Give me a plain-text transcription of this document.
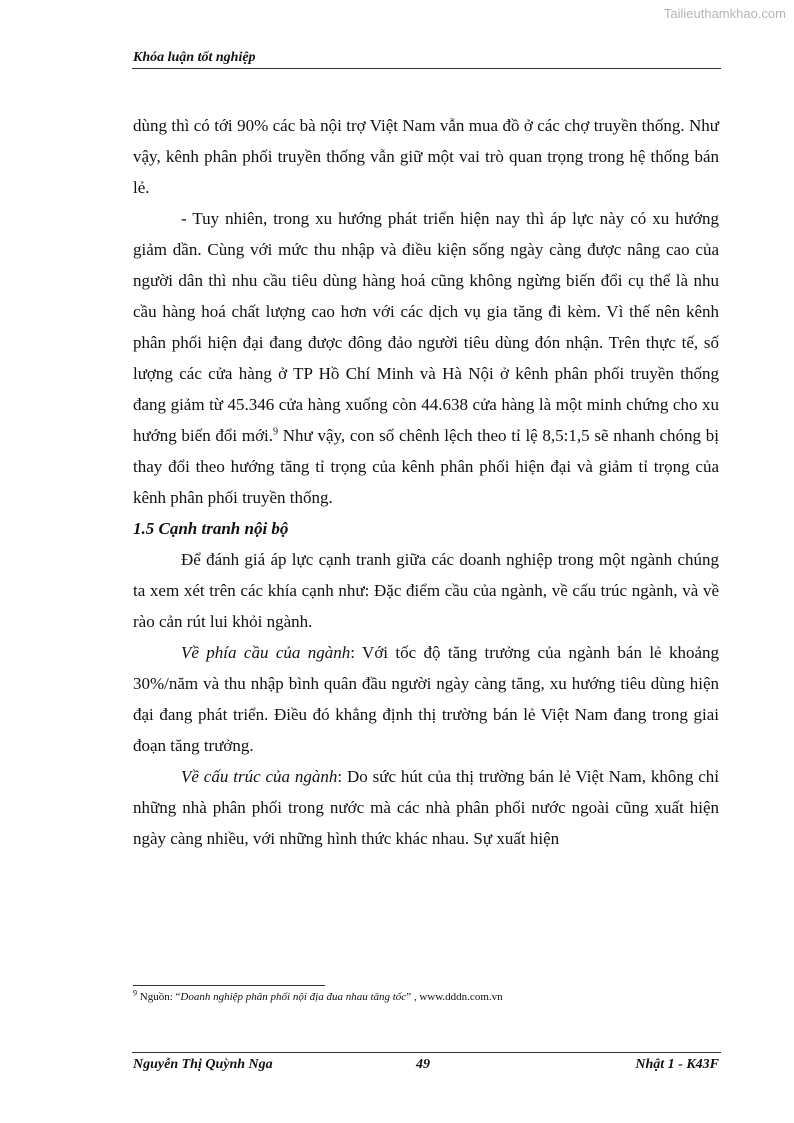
Tailieuthamkhao.com
Khóa luận tốt nghiệp

dùng thì có tới 90% các bà nội trợ Việt Nam vẫn mua đồ ở các chợ truyền thống. Như vậy, kênh phân phối truyền thống vẫn giữ một vai trò quan trọng trong hệ thống bán lẻ.

- Tuy nhiên, trong xu hướng phát triển hiện nay thì áp lực này có xu hướng giảm dần. Cùng với mức thu nhập và điều kiện sống ngày càng được nâng cao của người dân thì nhu cầu tiêu dùng hàng hoá cũng không ngừng biến đổi cụ thể là nhu cầu hàng hoá chất lượng cao hơn với các dịch vụ gia tăng đi kèm. Vì thế nên kênh phân phối hiện đại đang được đông đảo người tiêu dùng đón nhận. Trên thực tế, số lượng các cửa hàng ở TP Hồ Chí Minh và Hà Nội ở kênh phân phối truyền thống đang giảm từ 45.346 cửa hàng xuống còn 44.638 cửa hàng là một minh chứng cho xu hướng biến đổi mới.$^9$ Như vậy, con số chênh lệch theo tỉ lệ 8,5:1,5 sẽ nhanh chóng bị thay đổi theo hướng tăng tỉ trọng của kênh phân phối hiện đại và giảm tỉ trọng của kênh phân phối truyền thống.

1.5 Cạnh tranh nội bộ

Để đánh giá áp lực cạnh tranh giữa các doanh nghiệp trong một ngành chúng ta xem xét trên các khía cạnh như: Đặc điểm cầu của ngành, về cấu trúc ngành, và về rào cản rút lui khỏi ngành.

Về phía cầu của ngành: Với tốc độ tăng trưởng của ngành bán lẻ khoảng 30%/năm và thu nhập bình quân đầu người ngày càng tăng, xu hướng tiêu dùng hiện đại đang phát triển. Điều đó khẳng định thị trường bán lẻ Việt Nam đang trong giai đoạn tăng trưởng.

Về cấu trúc của ngành: Do sức hút của thị trường bán lẻ Việt Nam, không chỉ những nhà phân phối trong nước mà các nhà phân phối nước ngoài cũng xuất hiện ngày càng nhiều, với những hình thức khác nhau. Sự xuất hiện

$^9$ Nguồn: “Doanh nghiệp phân phối nội địa đua nhau tăng tốc” , www.dddn.com.vn
Nguyễn Thị Quỳnh Nga	49	Nhật 1 - K43F
